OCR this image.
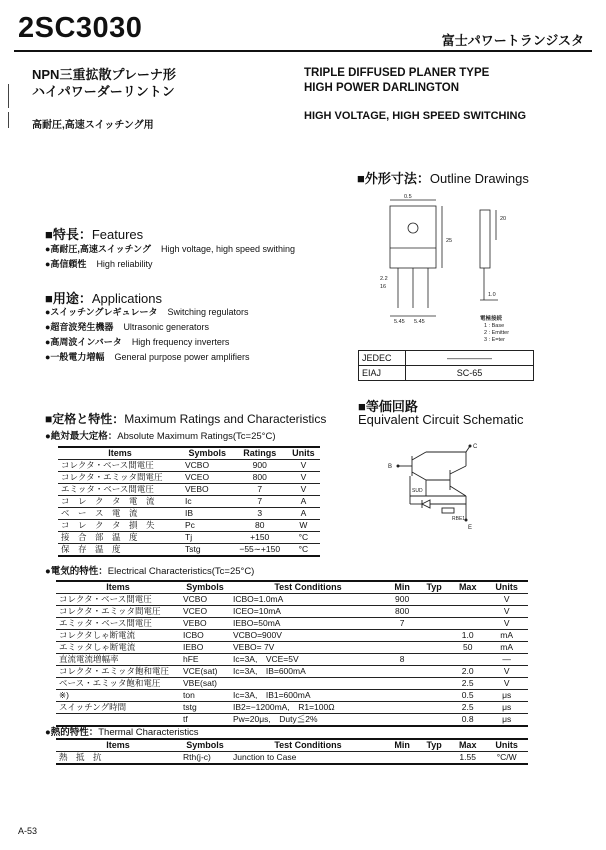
2SC3030	富士パワートランジスタ
NPN三重拡散プレーナ形
ハイパワーダーリントン
TRIPLE DIFFUSED PLANER TYPE
HIGH POWER DARLINGTON
高耐圧,高速スイッチング用
HIGH VOLTAGE, HIGH SPEED SWITCHING
■外形寸法：Outline Drawings
0.5
20
25
2.2
16
1.0
5.45 5.45	電極接続
1 : Base
2 : Emitter
3 : E=ter
JEDEC	—————
EIAJ	SC-65
■特長：Features
●高耐圧,高速スイッチング High voltage, high speed swithing
●高信頼性 High reliability
■用途：Applications
●スイッチングレギュレータ Switching regulators
●超音波発生機器 Ultrasonic generators
●高周波インバータ High frequency inverters
●一般電力増幅 General purpose power amplifiers
■定格と特性：Maximum Ratings and Characteristics
●絶対最大定格：Absolute Maximum Ratings(Tc=25°C)
■等価回路
Equivalent Circuit Schematic
C
B
SUD
RBE1
E
Items	Symbols	Ratings	Units
コレクタ・ベース間電圧	VCBO	900	V
コレクタ・エミッタ間電圧	VCEO	800	V
エミッタ・ベース間電圧	VEBO	7	V
コ　レ　ク　タ　電　流	Ic	7	A
ベ　ー　ス　電　流	IB	3	A
コ　レ　ク　タ　損　失	Pc	80	W
接　合　部　温　度	Tj	+150	°C
保　存　温　度	Tstg	−55∼+150	°C
●電気的特性：Electrical Characteristics(Tc=25°C)
Items	Symbols	Test Conditions	Min	Typ	Max	Units
コレクタ・ベース間電圧	VCBO	ICBO=1.0mA	900			V
コレクタ・エミッタ間電圧	VCEO	ICEO=10mA	800			V
エミッタ・ベース間電圧	VEBO	IEBO=50mA	7			V
コレクタしゃ断電流	ICBO	VCBO=900V			1.0	mA
エミッタしゃ断電流	IEBO	VEBO= 7V			50	mA
直流電流増幅率	hFE	Ic=3A,　VCE=5V	8			—
コレクタ・エミッタ飽和電圧	VCE(sat)	Ic=3A,　IB=600mA			2.0	V
ベース・エミッタ飽和電圧	VBE(sat)				2.5	V
※)	ton	Ic=3A,　IB1=600mA			0.5	μs
スイッチング時間	tstg	IB2=−1200mA,　R1=100Ω			2.5	μs
	tf	Pw=20μs,　Duty≦2%			0.8	μs
●熱的特性：Thermal Characteristics
Items	Symbols	Test Conditions	Min	Typ	Max	Units
熱　抵　抗	Rth(j-c)	Junction to Case			1.55	°C/W
A-53
